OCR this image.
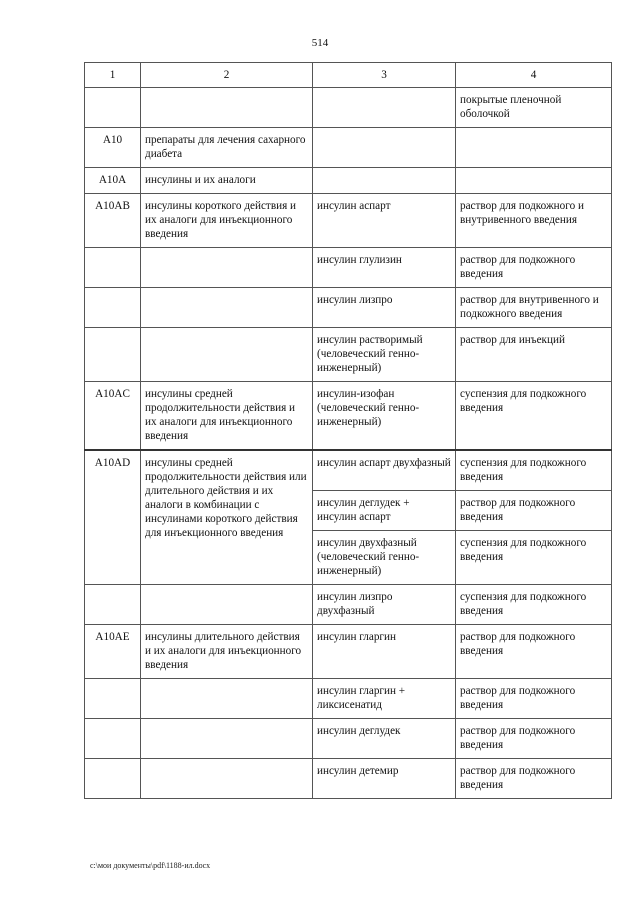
514
1	2	3	4
			покрытые пленочной оболочкой
A10	препараты для лечения сахарного диабета		
A10A	инсулины и их аналоги		
A10AB	инсулины короткого действия и их аналоги для инъекционного введения	инсулин аспарт	раствор для подкожного и внутривенного введения
		инсулин глулизин	раствор для подкожного введения
		инсулин лизпро	раствор для внутривенного и подкожного введения
		инсулин растворимый (человеческий генно-инженерный)	раствор для инъекций
A10AC	инсулины средней продолжительности действия и их аналоги для инъекционного введения	инсулин-изофан (человеческий генно-инженерный)	суспензия для подкожного введения
A10AD	инсулины средней продолжительности действия или длительного действия и их аналоги в комбинации с инсулинами короткого действия для инъекционного введения	инсулин аспарт двухфазный	суспензия для подкожного введения
		инсулин деглудек + инсулин аспарт	раствор для подкожного введения
		инсулин двухфазный (человеческий генно-инженерный)	суспензия для подкожного введения
		инсулин лизпро двухфазный	суспензия для подкожного введения
A10AE	инсулины длительного действия и их аналоги для инъекционного введения	инсулин гларгин	раствор для подкожного введения
		инсулин гларгин + ликсисенатид	раствор для подкожного введения
		инсулин деглудек	раствор для подкожного введения
		инсулин детемир	раствор для подкожного введения
c:\мои документы\pdf\1188-ил.docx
